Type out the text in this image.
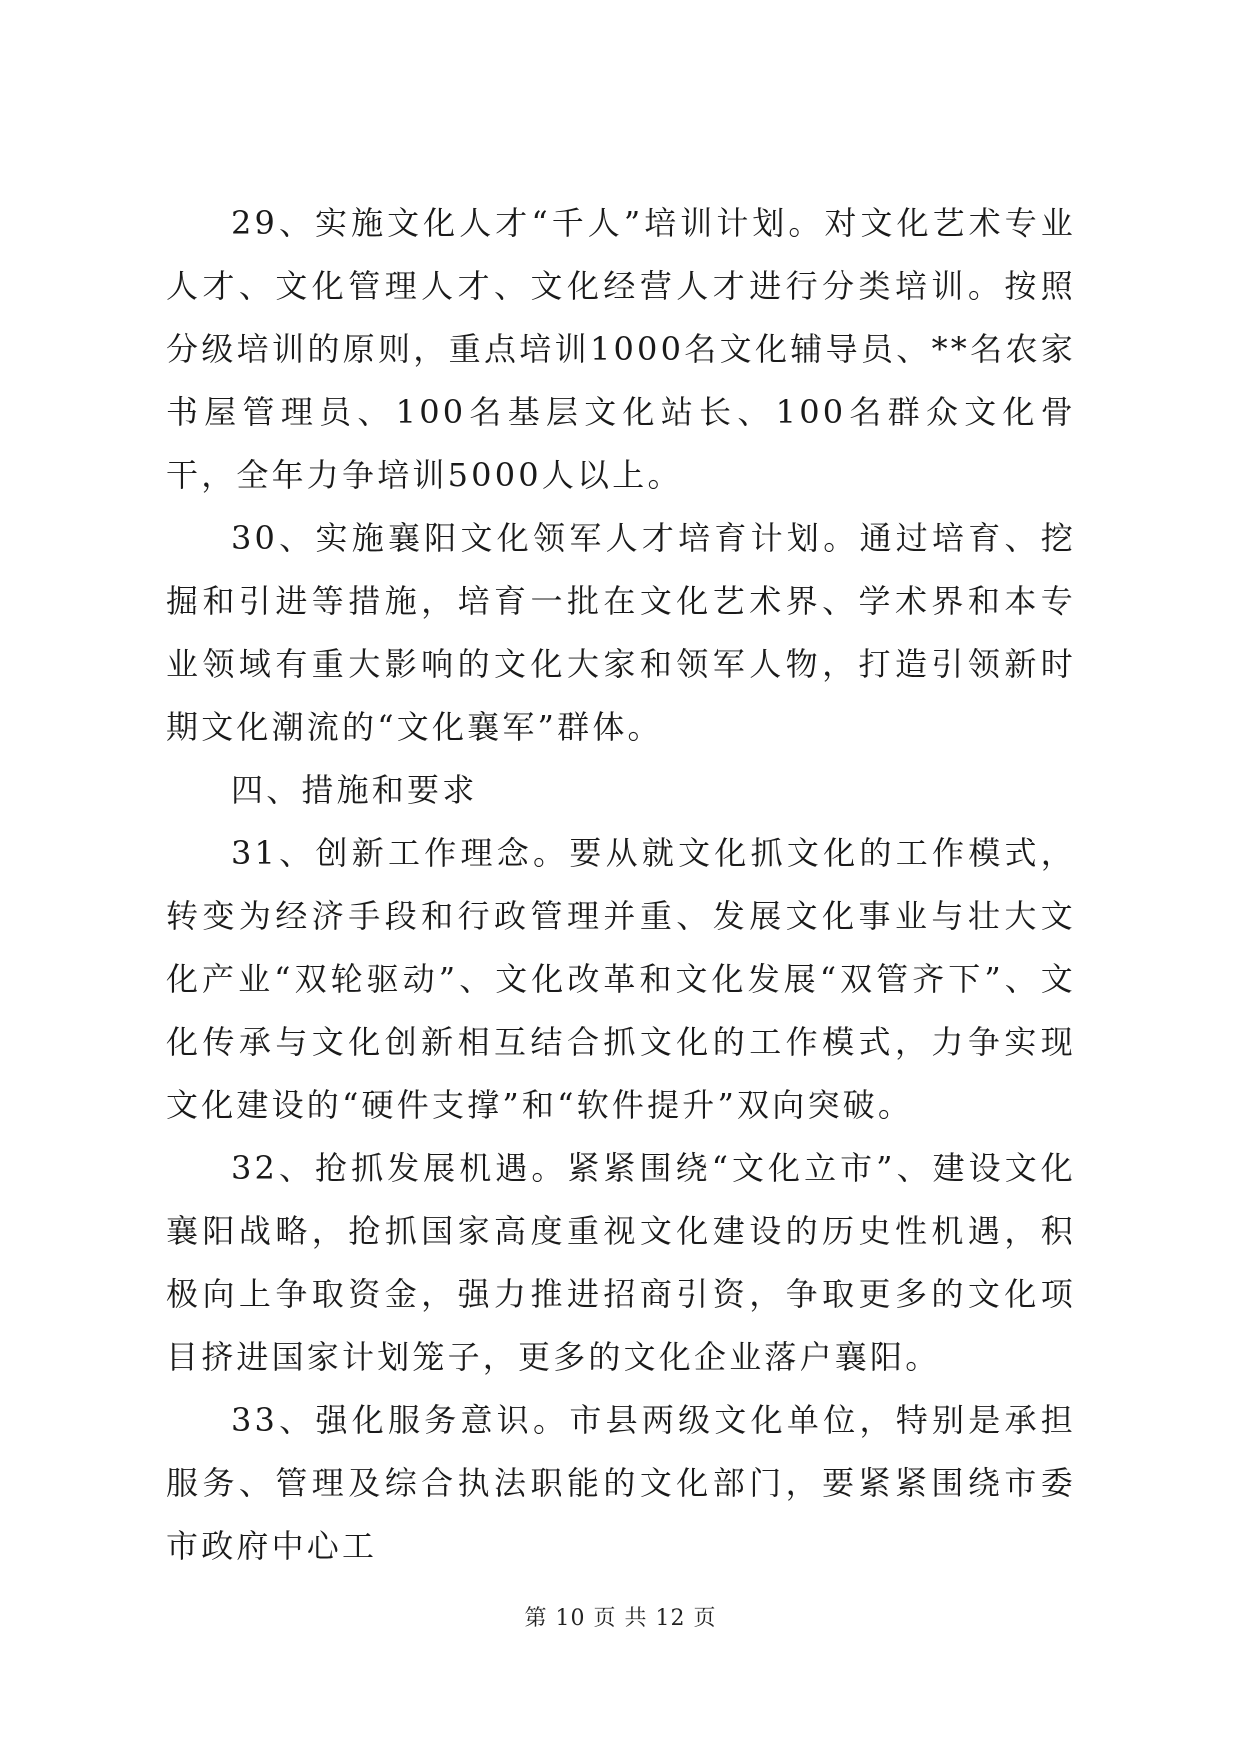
29、实施文化人才“千人”培训计划。对文化艺术专业人才、文化管理人才、文化经营人才进行分类培训。按照分级培训的原则，重点培训1000名文化辅导员、**名农家书屋管理员、100名基层文化站长、100名群众文化骨干，全年力争培训5000人以上。

30、实施襄阳文化领军人才培育计划。通过培育、挖掘和引进等措施，培育一批在文化艺术界、学术界和本专业领域有重大影响的文化大家和领军人物，打造引领新时期文化潮流的“文化襄军”群体。

四、措施和要求

31、创新工作理念。要从就文化抓文化的工作模式，转变为经济手段和行政管理并重、发展文化事业与壮大文化产业“双轮驱动”、文化改革和文化发展“双管齐下”、文化传承与文化创新相互结合抓文化的工作模式，力争实现文化建设的“硬件支撑”和“软件提升”双向突破。

32、抢抓发展机遇。紧紧围绕“文化立市”、建设文化襄阳战略，抢抓国家高度重视文化建设的历史性机遇，积极向上争取资金，强力推进招商引资，争取更多的文化项目挤进国家计划笼子，更多的文化企业落户襄阳。

33、强化服务意识。市县两级文化单位，特别是承担服务、管理及综合执法职能的文化部门，要紧紧围绕市委市政府中心工

第 10 页 共 12 页
